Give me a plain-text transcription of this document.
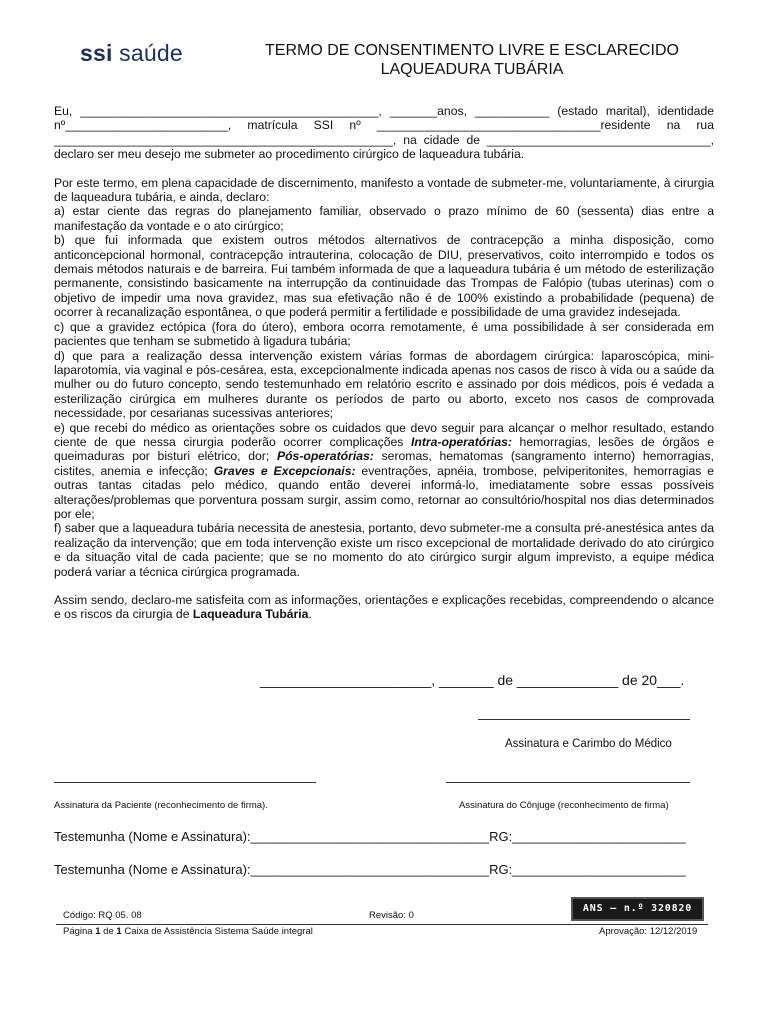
ssi saúde	TERMO DE CONSENTIMENTO LIVRE E ESCLARECIDO
LAQUEADURA TUBÁRIA

Eu, ____________________________________________, _______anos, ___________ (estado marital), identidade nº________________________, matrícula SSI nº _________________________________residente na rua __________________________________________________, na cidade de _________________________________, declaro ser meu desejo me submeter ao procedimento cirúrgico de laqueadura tubária.

Por este termo, em plena capacidade de discernimento, manifesto a vontade de submeter-me, voluntariamente, à cirurgia de laqueadura tubária, e ainda, declaro:

a) estar ciente das regras do planejamento familiar, observado o prazo mínimo de 60 (sessenta) dias entre a manifestação da vontade e o ato cirúrgico;

b) que fui informada que existem outros métodos alternativos de contracepção a minha disposição, como anticoncepcional hormonal, contracepção intrauterina, colocação de DIU, preservativos, coito interrompido e todos os demais métodos naturais e de barreira. Fui também informada de que a laqueadura tubária é um método de esterilização permanente, consistindo basicamente na interrupção da continuidade das Trompas de Falópio (tubas uterinas) com o objetivo de impedir uma nova gravidez, mas sua efetivação não é de 100% existindo a probabilidade (pequena) de ocorrer à recanalização espontânea, o que poderá permitir a fertilidade e possibilidade de uma gravidez indesejada.

c) que a gravidez ectópica (fora do útero), embora ocorra remotamente, é uma possibilidade à ser considerada em pacientes que tenham se submetido à ligadura tubária;

d) que para a realização dessa intervenção existem várias formas de abordagem cirúrgica: laparoscópica, mini-laparotomia, via vaginal e pós-cesárea, esta, excepcionalmente indicada apenas nos casos de risco à vida ou a saúde da mulher ou do futuro concepto, sendo testemunhado em relatório escrito e assinado por dois médicos, pois é vedada a esterilização cirúrgica em mulheres durante os períodos de parto ou aborto, exceto nos casos de comprovada necessidade, por cesarianas sucessivas anteriores;

e) que recebi do médico as orientações sobre os cuidados que devo seguir para alcançar o melhor resultado, estando ciente de que nessa cirurgia poderão ocorrer complicações Intra-operatórias: hemorragias, lesões de órgãos e queimaduras por bisturi elétrico, dor; Pós-operatórias: seromas, hematomas (sangramento interno) hemorragias, cistites, anemia e infecção; Graves e Excepcionais: eventrações, apnéia, trombose, pelviperitonites, hemorragias e outras tantas citadas pelo médico, quando então deverei informá-lo, imediatamente sobre essas possíveis alterações/problemas que porventura possam surgir, assim como, retornar ao consultório/hospital nos dias determinados por ele;

f) saber que a laqueadura tubária necessita de anestesia, portanto, devo submeter-me a consulta pré-anestésica antes da realização da intervenção; que em toda intervenção existe um risco excepcional de mortalidade derivado do ato cirúrgico e da situação vital de cada paciente; que se no momento do ato cirúrgico surgir algum imprevisto, a equipe médica poderá variar a técnica cirúrgica programada.

Assim sendo, declaro-me satisfeita com as informações, orientações e explicações recebidas, compreendendo o alcance e os riscos da cirurgia de Laqueadura Tubária.

______________________, _______ de _____________ de 20___.
Assinatura e Carimbo do Médico
Assinatura da Paciente (reconhecimento de firma).	Assinatura do Cônjuge (reconhecimento de firma)
Testemunha (Nome e Assinatura):_________________________________RG:________________________
Testemunha (Nome e Assinatura):_________________________________RG:________________________
Código: RQ 05. 08	Revisão: 0
ANS – n.º 320820
Página 1 de 1 Caixa de Assistência Sistema Saúde integral	Aprovação: 12/12/2019
